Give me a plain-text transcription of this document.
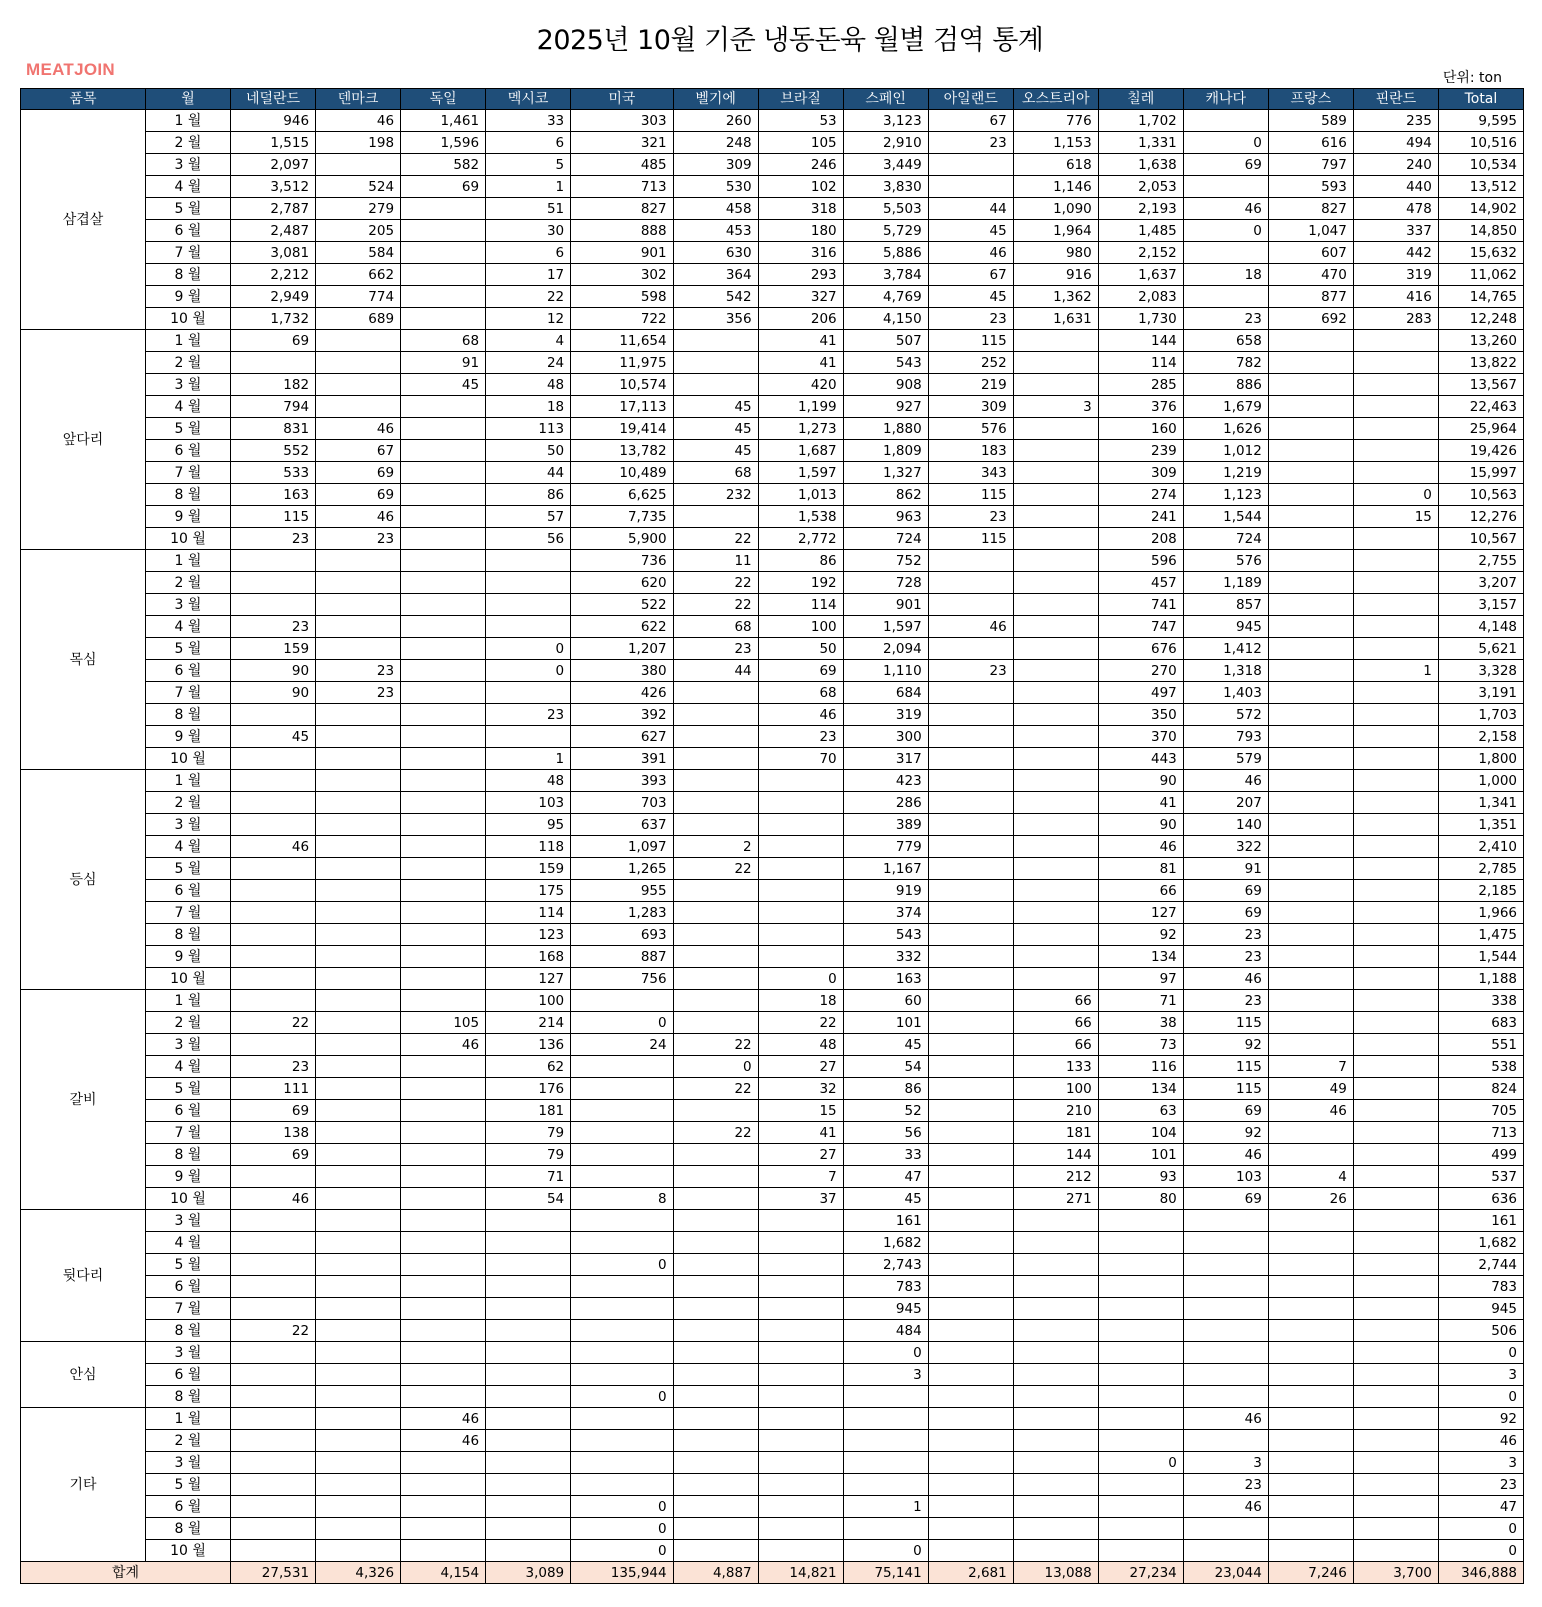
2025년 10월 기준 냉동돈육 월별 검역 통계
MEATJOIN	단위: ton
품목	월	네덜란드	덴마크	독일	멕시코	미국	벨기에	브라질	스페인	아일랜드	오스트리아	칠레	캐나다	프랑스	핀란드	Total
삼겹살	1 월	946	46	1,461	33	303	260	53	3,123	67	776	1,702		589	235	9,595
	2 월	1,515	198	1,596	6	321	248	105	2,910	23	1,153	1,331	0	616	494	10,516
	3 월	2,097		582	5	485	309	246	3,449		618	1,638	69	797	240	10,534
	4 월	3,512	524	69	1	713	530	102	3,830		1,146	2,053		593	440	13,512
	5 월	2,787	279		51	827	458	318	5,503	44	1,090	2,193	46	827	478	14,902
	6 월	2,487	205		30	888	453	180	5,729	45	1,964	1,485	0	1,047	337	14,850
	7 월	3,081	584		6	901	630	316	5,886	46	980	2,152		607	442	15,632
	8 월	2,212	662		17	302	364	293	3,784	67	916	1,637	18	470	319	11,062
	9 월	2,949	774		22	598	542	327	4,769	45	1,362	2,083		877	416	14,765
	10 월	1,732	689		12	722	356	206	4,150	23	1,631	1,730	23	692	283	12,248
앞다리	1 월	69		68	4	11,654		41	507	115		144	658			13,260
	2 월			91	24	11,975		41	543	252		114	782			13,822
	3 월	182		45	48	10,574		420	908	219		285	886			13,567
	4 월	794			18	17,113	45	1,199	927	309	3	376	1,679			22,463
	5 월	831	46		113	19,414	45	1,273	1,880	576		160	1,626			25,964
	6 월	552	67		50	13,782	45	1,687	1,809	183		239	1,012			19,426
	7 월	533	69		44	10,489	68	1,597	1,327	343		309	1,219			15,997
	8 월	163	69		86	6,625	232	1,013	862	115		274	1,123		0	10,563
	9 월	115	46		57	7,735		1,538	963	23		241	1,544		15	12,276
	10 월	23	23		56	5,900	22	2,772	724	115		208	724			10,567
목심	1 월					736	11	86	752			596	576			2,755
	2 월					620	22	192	728			457	1,189			3,207
	3 월					522	22	114	901			741	857			3,157
	4 월	23				622	68	100	1,597	46		747	945			4,148
	5 월	159			0	1,207	23	50	2,094			676	1,412			5,621
	6 월	90	23		0	380	44	69	1,110	23		270	1,318		1	3,328
	7 월	90	23			426		68	684			497	1,403			3,191
	8 월				23	392		46	319			350	572			1,703
	9 월	45				627		23	300			370	793			2,158
	10 월				1	391		70	317			443	579			1,800
등심	1 월				48	393			423			90	46			1,000
	2 월				103	703			286			41	207			1,341
	3 월				95	637			389			90	140			1,351
	4 월	46			118	1,097	2		779			46	322			2,410
	5 월				159	1,265	22		1,167			81	91			2,785
	6 월				175	955			919			66	69			2,185
	7 월				114	1,283			374			127	69			1,966
	8 월				123	693			543			92	23			1,475
	9 월				168	887			332			134	23			1,544
	10 월				127	756		0	163			97	46			1,188
갈비	1 월				100			18	60		66	71	23			338
	2 월	22		105	214	0		22	101		66	38	115			683
	3 월			46	136	24	22	48	45		66	73	92			551
	4 월	23			62		0	27	54		133	116	115	7		538
	5 월	111			176		22	32	86		100	134	115	49		824
	6 월	69			181			15	52		210	63	69	46		705
	7 월	138			79		22	41	56		181	104	92			713
	8 월	69			79			27	33		144	101	46			499
	9 월				71			7	47		212	93	103	4		537
	10 월	46			54	8		37	45		271	80	69	26		636
뒷다리	3 월								161							161
	4 월								1,682							1,682
	5 월					0			2,743							2,744
	6 월								783							783
	7 월								945							945
	8 월	22							484							506
안심	3 월								0							0
	6 월								3							3
	8 월					0										0
기타	1 월			46									46			92
	2 월			46												46
	3 월											0	3			3
	5 월												23			23
	6 월					0			1				46			47
	8 월					0										0
	10 월					0			0							0
합계		27,531	4,326	4,154	3,089	135,944	4,887	14,821	75,141	2,681	13,088	27,234	23,044	7,246	3,700	346,888
